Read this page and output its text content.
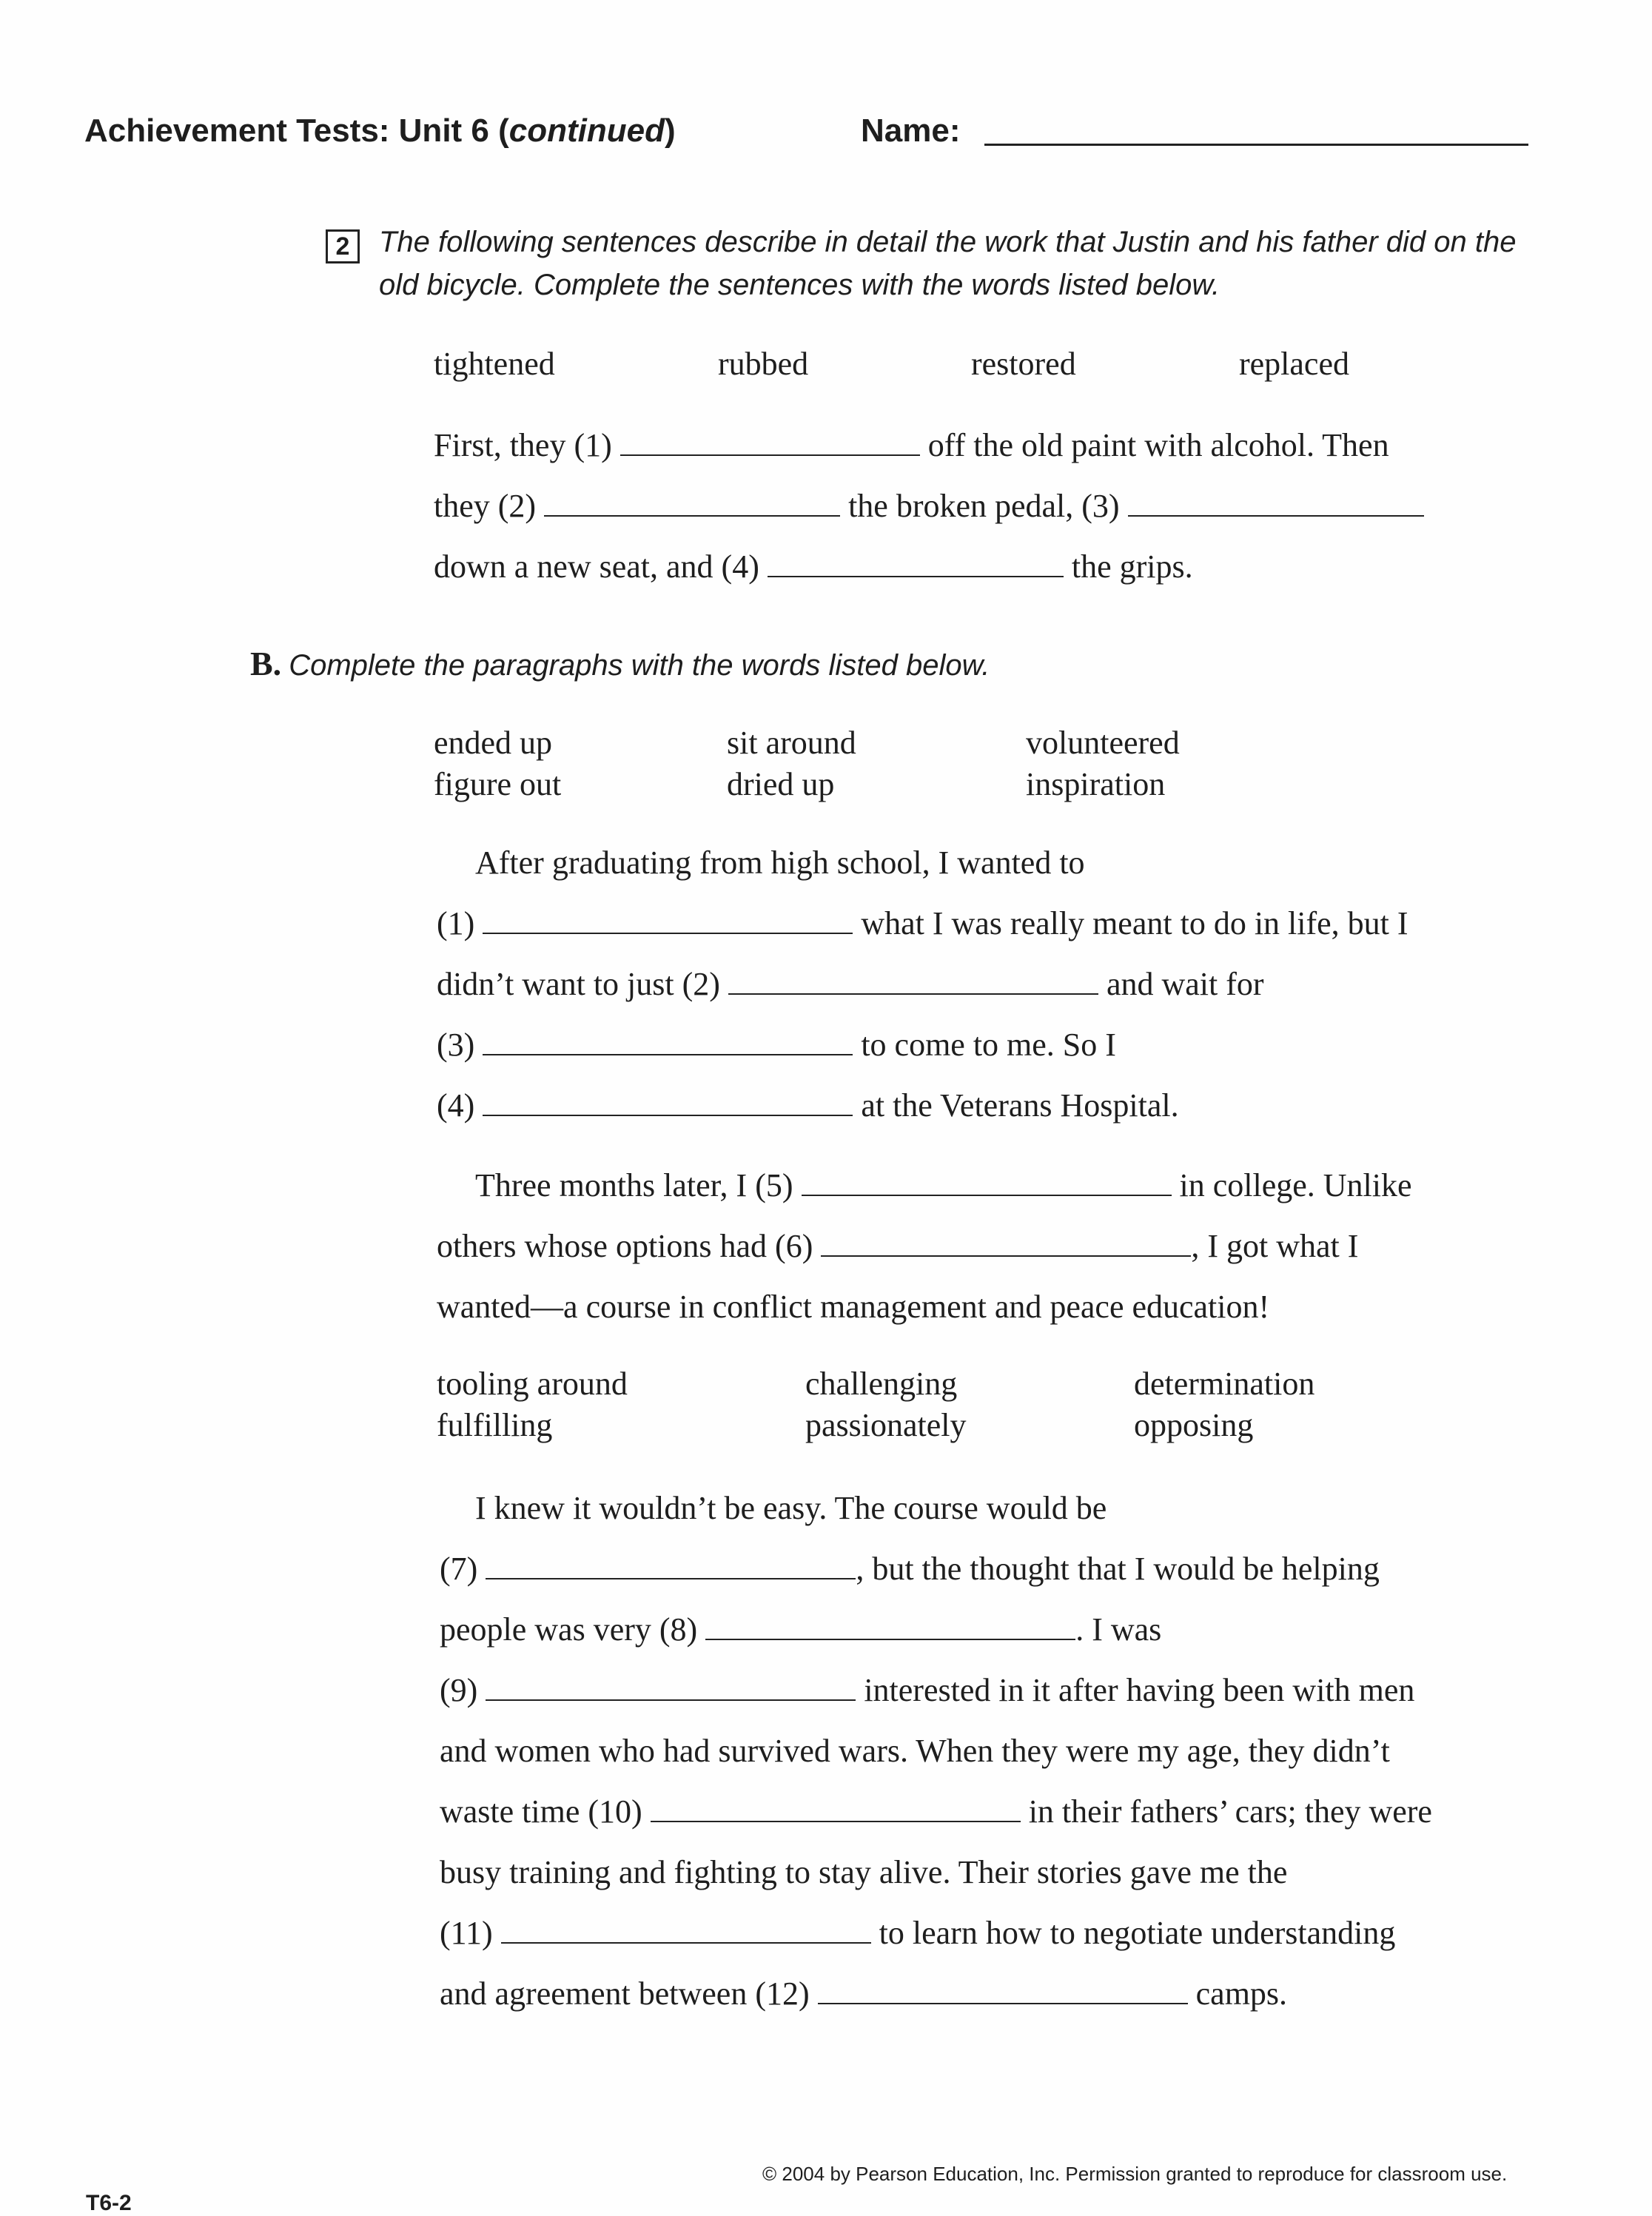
Achievement Tests: Unit 6 (continued)	Name:
2 The following sentences describe in detail the work that Justin and his father did on the old bicycle. Complete the sentences with the words listed below.
tightened	rubbed	restored	replaced
First, they (1)	off the old paint with alcohol. Then
they (2)	the broken pedal, (3)
down a new seat, and (4)	the grips.
B. Complete the paragraphs with the words listed below.
ended up	sit around	volunteered
figure out	dried up	inspiration
After graduating from high school, I wanted to
(1)	what I was really meant to do in life, but I
didn’t want to just (2)	and wait for
(3)	to come to me. So I
(4)	at the Veterans Hospital.
Three months later, I (5)	in college. Unlike
others whose options had (6)	, I got what I
wanted—a course in conflict management and peace education!
tooling around	challenging	determination
fulfilling	passionately	opposing
I knew it wouldn’t be easy. The course would be
(7)	, but the thought that I would be helping
people was very (8)	. I was
(9)	interested in it after having been with men
and women who had survived wars. When they were my age, they didn’t
waste time (10)	in their fathers’ cars; they were
busy training and fighting to stay alive. Their stories gave me the
(11)	to learn how to negotiate understanding
and agreement between (12)	camps.
T6-2
© 2004 by Pearson Education, Inc. Permission granted to reproduce for classroom use.
